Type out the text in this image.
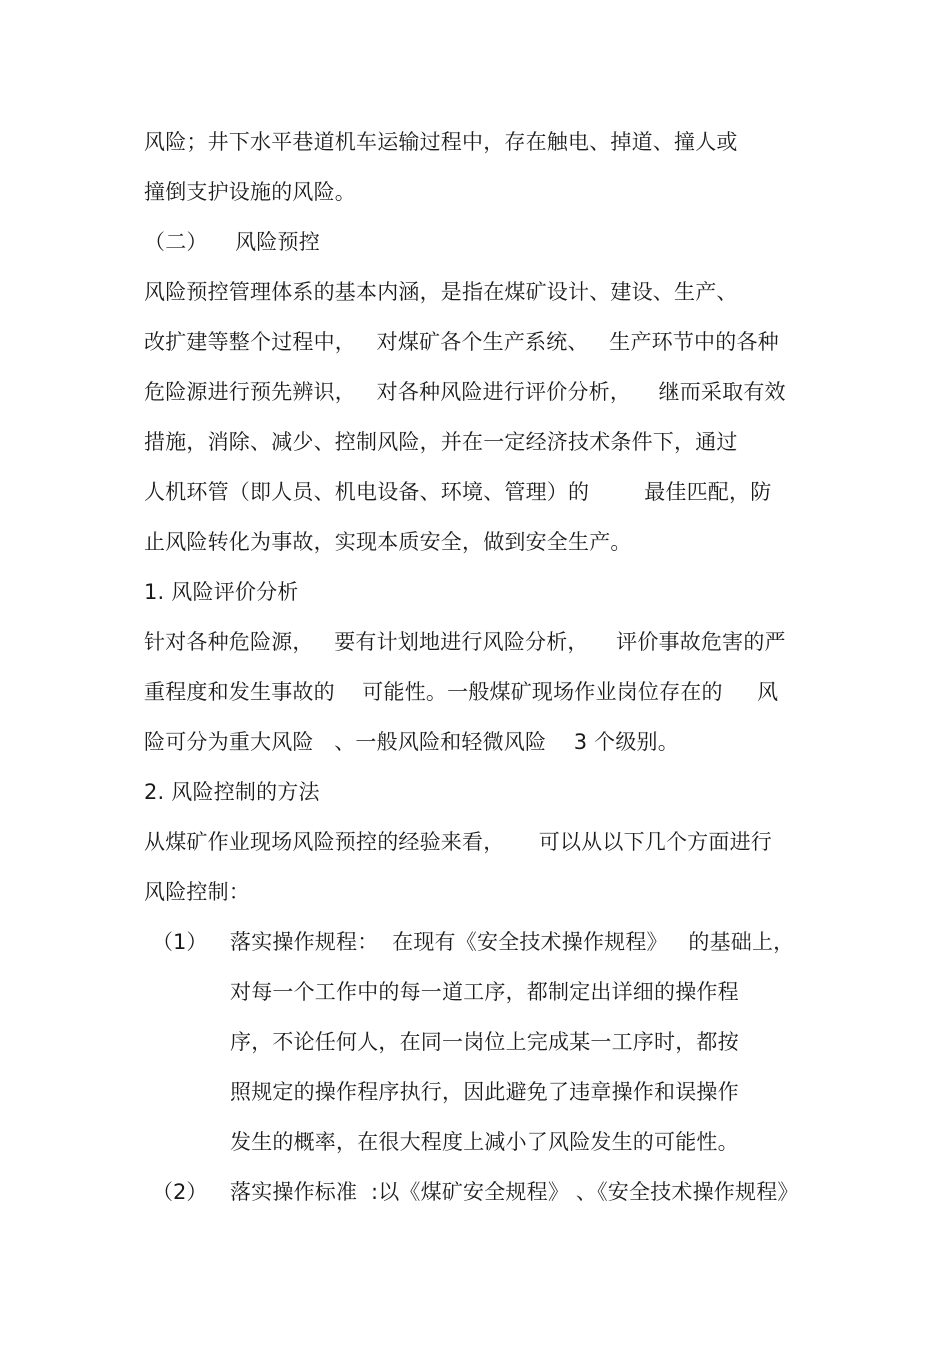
风险；井下水平巷道机车运输过程中，存在触电、掉道、撞人或
撞倒支护设施的风险。
（二）    风险预控
风险预控管理体系的基本内涵，是指在煤矿设计、建设、生产、
改扩建等整个过程中，   对煤矿各个生产系统、   生产环节中的各种
危险源进行预先辨识，   对各种风险进行评价分析，    继而采取有效
措施，消除、减少、控制风险，并在一定经济技术条件下，通过
人机环管（即人员、机电设备、环境、管理）的        最佳匹配，防
止风险转化为事故，实现本质安全，做到安全生产。
1. 风险评价分析
针对各种危险源，   要有计划地进行风险分析，    评价事故危害的严
重程度和发生事故的    可能性。一般煤矿现场作业岗位存在的     风
险可分为重大风险   、一般风险和轻微风险    3 个级别。
2. 风险控制的方法
从煤矿作业现场风险预控的经验来看，     可以从以下几个方面进行
风险控制：
（1） 落实操作规程：  在现有《安全技术操作规程》   的基础上，
对每一个工作中的每一道工序，都制定出详细的操作程
序，不论任何人，在同一岗位上完成某一工序时，都按
照规定的操作程序执行，因此避免了违章操作和误操作
发生的概率，在很大程度上减小了风险发生的可能性。
（2） 落实操作标准  :以《煤矿安全规程》 、《安全技术操作规程》
